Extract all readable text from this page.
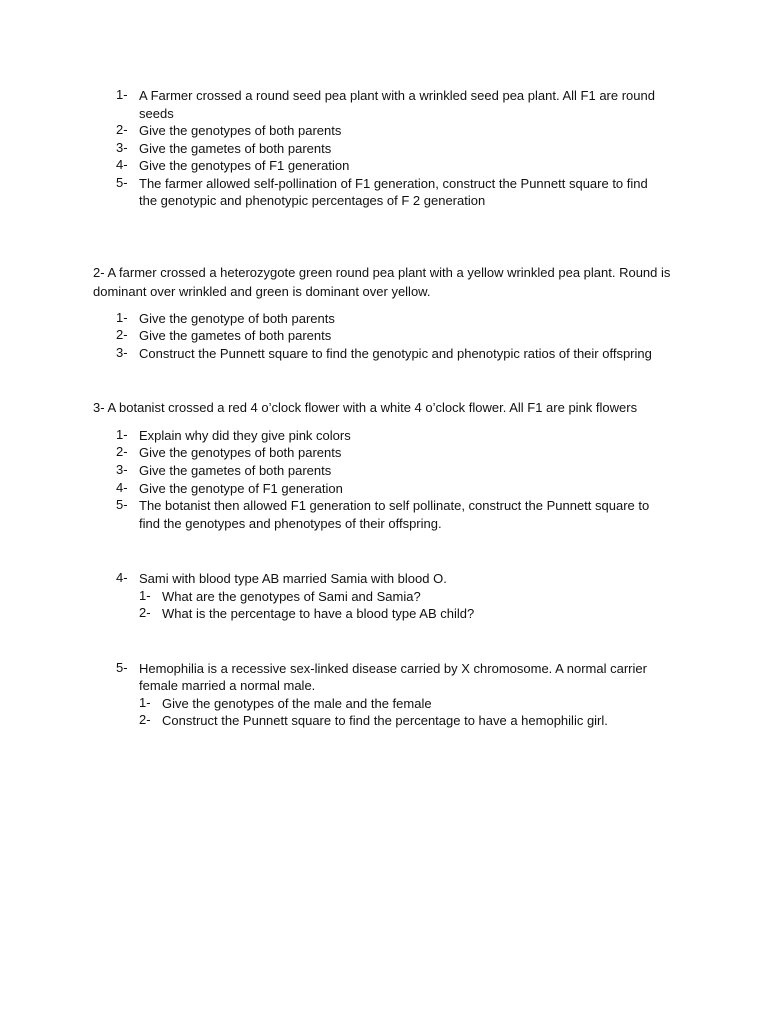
1- A Farmer crossed a round seed pea plant with a wrinkled seed pea plant. All F1 are round
seeds
2- Give the genotypes of both parents
3- Give the gametes of both parents
4- Give the genotypes of F1 generation
5- The farmer allowed self-pollination of F1 generation, construct the Punnett square to find
the genotypic and phenotypic percentages of F 2 generation
2- A farmer crossed a heterozygote green round pea plant with a yellow wrinkled pea plant. Round is
dominant over wrinkled and green is dominant over yellow.
1- Give the genotype of both parents
2- Give the gametes of both parents
3- Construct the Punnett square to find the genotypic and phenotypic ratios of their offspring
3- A botanist crossed a red 4 o’clock flower with a white 4 o’clock flower. All F1 are pink flowers
1- Explain why did they give pink colors
2- Give the genotypes of both parents
3- Give the gametes of both parents
4- Give the genotype of F1 generation
5- The botanist then allowed F1 generation to self pollinate, construct the Punnett square to
find the genotypes and phenotypes of their offspring.
4- Sami with blood type AB married Samia with blood O.
1- What are the genotypes of Sami and Samia?
2- What is the percentage to have a blood type AB child?
5- Hemophilia is a recessive sex-linked disease carried by X chromosome. A normal carrier
female married a normal male.
1- Give the genotypes of the male and the female
2- Construct the Punnett square to find the percentage to have a hemophilic girl.
